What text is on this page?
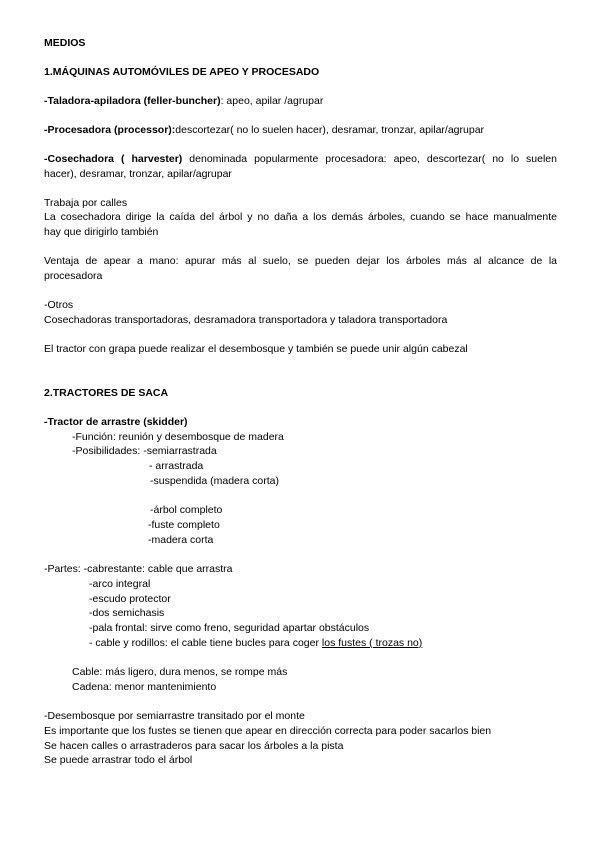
MEDIOS
1.MÁQUINAS AUTOMÓVILES DE APEO Y PROCESADO
-Taladora-apiladora (feller-buncher): apeo, apilar /agrupar
-Procesadora (processor):descortezar( no lo suelen hacer), desramar, tronzar, apilar/agrupar
-Cosechadora ( harvester) denominada popularmente procesadora: apeo, descortezar( no lo suelen
hacer), desramar, tronzar, apilar/agrupar
Trabaja por calles
La cosechadora dirige la caída del árbol y no daña a los demás árboles, cuando se hace manualmente
hay que dirigirlo también
Ventaja de apear a mano: apurar más al suelo, se pueden dejar los árboles más al alcance de la
procesadora
-Otros
Cosechadoras transportadoras, desramadora transportadora y taladora transportadora
El tractor con grapa puede realizar el desembosque y también se puede unir algún cabezal
2.TRACTORES DE SACA
-Tractor de arrastre (skidder)
-Función: reunión y desembosque de madera
-Posibilidades: -semiarrastrada
- arrastrada
-suspendida (madera corta)
-árbol completo
-fuste completo
-madera corta
-Partes: -cabrestante: cable que arrastra
-arco integral
-escudo protector
-dos semichasis
-pala frontal: sirve como freno, seguridad apartar obstáculos
- cable y rodillos: el cable tiene bucles para coger los fustes ( trozas no)
Cable: más ligero, dura menos, se rompe más
Cadena: menor mantenimiento
-Desembosque por semiarrastre transitado por el monte
Es importante que los fustes se tienen que apear en dirección correcta para poder sacarlos bien
Se hacen calles o arrastraderos para sacar los árboles a la pista
Se puede arrastrar todo el árbol
